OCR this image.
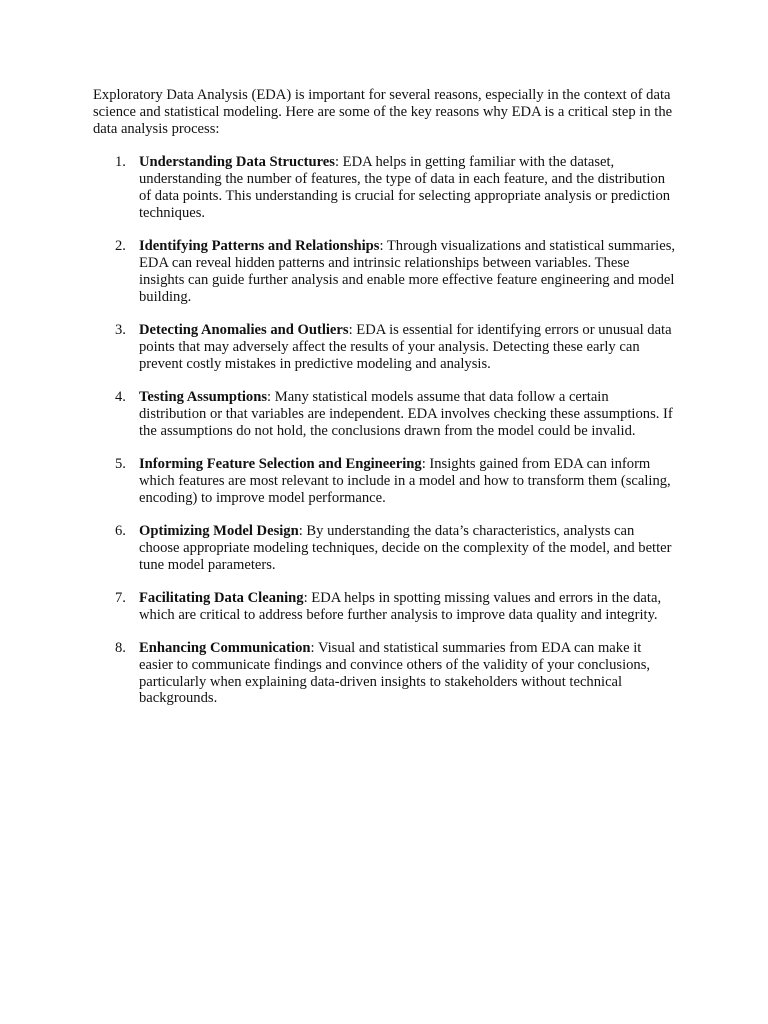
Exploratory Data Analysis (EDA) is important for several reasons, especially in the context of data science and statistical modeling. Here are some of the key reasons why EDA is a critical step in the data analysis process:

1. Understanding Data Structures: EDA helps in getting familiar with the dataset, understanding the number of features, the type of data in each feature, and the distribution of data points. This understanding is crucial for selecting appropriate analysis or prediction techniques.
2. Identifying Patterns and Relationships: Through visualizations and statistical summaries, EDA can reveal hidden patterns and intrinsic relationships between variables. These insights can guide further analysis and enable more effective feature engineering and model building.
3. Detecting Anomalies and Outliers: EDA is essential for identifying errors or unusual data points that may adversely affect the results of your analysis. Detecting these early can prevent costly mistakes in predictive modeling and analysis.
4. Testing Assumptions: Many statistical models assume that data follow a certain distribution or that variables are independent. EDA involves checking these assumptions. If the assumptions do not hold, the conclusions drawn from the model could be invalid.
5. Informing Feature Selection and Engineering: Insights gained from EDA can inform which features are most relevant to include in a model and how to transform them (scaling, encoding) to improve model performance.
6. Optimizing Model Design: By understanding the data’s characteristics, analysts can choose appropriate modeling techniques, decide on the complexity of the model, and better tune model parameters.
7. Facilitating Data Cleaning: EDA helps in spotting missing values and errors in the data, which are critical to address before further analysis to improve data quality and integrity.
8. Enhancing Communication: Visual and statistical summaries from EDA can make it easier to communicate findings and convince others of the validity of your conclusions, particularly when explaining data-driven insights to stakeholders without technical backgrounds.
